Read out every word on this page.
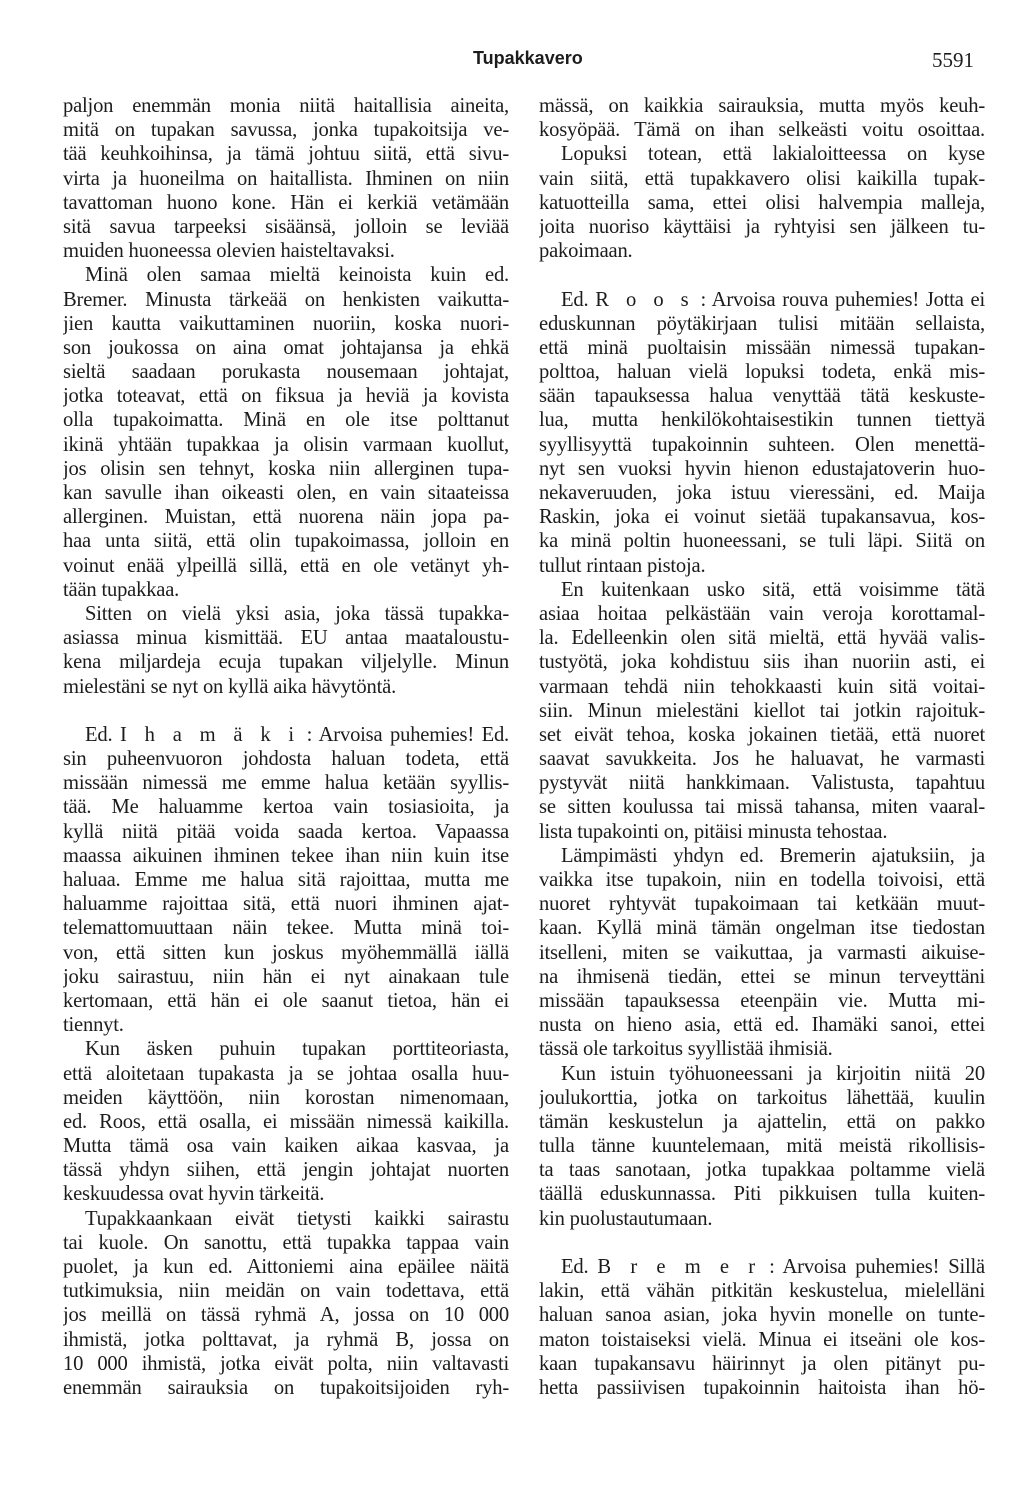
Tupakkavero	5591
paljon enemmän monia niitä haitallisia aineita,
mitä on tupakan savussa, jonka tupakoitsija ve-
tää keuhkoihinsa, ja tämä johtuu siitä, että sivu-
virta ja huoneilma on haitallista. Ihminen on niin
tavattoman huono kone. Hän ei kerkiä vetämään
sitä savua tarpeeksi sisäänsä, jolloin se leviää
muiden huoneessa olevien haisteltavaksi.
Minä olen samaa mieltä keinoista kuin ed.
Bremer. Minusta tärkeää on henkisten vaikutta-
jien kautta vaikuttaminen nuoriin, koska nuori-
son joukossa on aina omat johtajansa ja ehkä
sieltä saadaan porukasta nousemaan johtajat,
jotka toteavat, että on fiksua ja heviä ja kovista
olla tupakoimatta. Minä en ole itse polttanut
ikinä yhtään tupakkaa ja olisin varmaan kuollut,
jos olisin sen tehnyt, koska niin allerginen tupa-
kan savulle ihan oikeasti olen, en vain sitaateissa
allerginen. Muistan, että nuorena näin jopa pa-
haa unta siitä, että olin tupakoimassa, jolloin en
voinut enää ylpeillä sillä, että en ole vetänyt yh-
tään tupakkaa.
Sitten on vielä yksi asia, joka tässä tupakka-
asiassa minua kismittää. EU antaa maataloustu-
kena miljardeja ecuja tupakan viljelylle. Minun
mielestäni se nyt on kyllä aika hävytöntä.
Ed. I h a m ä k i : Arvoisa puhemies! Ed.
sin puheenvuoron johdosta haluan todeta, että
missään nimessä me emme halua ketään syyllis-
tää. Me haluamme kertoa vain tosiasioita, ja
kyllä niitä pitää voida saada kertoa. Vapaassa
maassa aikuinen ihminen tekee ihan niin kuin itse
haluaa. Emme me halua sitä rajoittaa, mutta me
haluamme rajoittaa sitä, että nuori ihminen ajat-
telemattomuuttaan näin tekee. Mutta minä toi-
von, että sitten kun joskus myöhemmällä iällä
joku sairastuu, niin hän ei nyt ainakaan tule
kertomaan, että hän ei ole saanut tietoa, hän ei
tiennyt.
Kun äsken puhuin tupakan porttiteoriasta,
että aloitetaan tupakasta ja se johtaa osalla huu-
meiden käyttöön, niin korostan nimenomaan,
ed. Roos, että osalla, ei missään nimessä kaikilla.
Mutta tämä osa vain kaiken aikaa kasvaa, ja
tässä yhdyn siihen, että jengin johtajat nuorten
keskuudessa ovat hyvin tärkeitä.
Tupakkaankaan eivät tietysti kaikki sairastu
tai kuole. On sanottu, että tupakka tappaa vain
puolet, ja kun ed. Aittoniemi aina epäilee näitä
tutkimuksia, niin meidän on vain todettava, että
jos meillä on tässä ryhmä A, jossa on 10 000
ihmistä, jotka polttavat, ja ryhmä B, jossa on
10 000 ihmistä, jotka eivät polta, niin valtavasti
enemmän sairauksia on tupakoitsijoiden ryh-
mässä, on kaikkia sairauksia, mutta myös keuh-
kosyöpää. Tämä on ihan selkeästi voitu osoittaa.
Lopuksi totean, että lakialoitteessa on kyse
vain siitä, että tupakkavero olisi kaikilla tupak-
katuotteilla sama, ettei olisi halvempia malleja,
joita nuoriso käyttäisi ja ryhtyisi sen jälkeen tu-
pakoimaan.
Ed. R o o s : Arvoisa rouva puhemies! Jotta ei
eduskunnan pöytäkirjaan tulisi mitään sellaista,
että minä puoltaisin missään nimessä tupakan-
polttoa, haluan vielä lopuksi todeta, enkä mis-
sään tapauksessa halua venyttää tätä keskuste-
lua, mutta henkilökohtaisestikin tunnen tiettyä
syyllisyyttä tupakoinnin suhteen. Olen menettä-
nyt sen vuoksi hyvin hienon edustajatoverin huo-
nekaveruuden, joka istuu vieressäni, ed. Maija
Raskin, joka ei voinut sietää tupakansavua, kos-
ka minä poltin huoneessani, se tuli läpi. Siitä on
tullut rintaan pistoja.
En kuitenkaan usko sitä, että voisimme tätä
asiaa hoitaa pelkästään vain veroja korottamal-
la. Edelleenkin olen sitä mieltä, että hyvää valis-
tustyötä, joka kohdistuu siis ihan nuoriin asti, ei
varmaan tehdä niin tehokkaasti kuin sitä voitai-
siin. Minun mielestäni kiellot tai jotkin rajoituk-
set eivät tehoa, koska jokainen tietää, että nuoret
saavat savukkeita. Jos he haluavat, he varmasti
pystyvät niitä hankkimaan. Valistusta, tapahtuu
se sitten koulussa tai missä tahansa, miten vaaral-
lista tupakointi on, pitäisi minusta tehostaa.
Lämpimästi yhdyn ed. Bremerin ajatuksiin, ja
vaikka itse tupakoin, niin en todella toivoisi, että
nuoret ryhtyvät tupakoimaan tai ketkään muut-
kaan. Kyllä minä tämän ongelman itse tiedostan
itselleni, miten se vaikuttaa, ja varmasti aikuise-
na ihmisenä tiedän, ettei se minun terveyttäni
missään tapauksessa eteenpäin vie. Mutta mi-
nusta on hieno asia, että ed. Ihamäki sanoi, ettei
tässä ole tarkoitus syyllistää ihmisiä.
Kun istuin työhuoneessani ja kirjoitin niitä 20
joulukorttia, jotka on tarkoitus lähettää, kuulin
tämän keskustelun ja ajattelin, että on pakko
tulla tänne kuuntelemaan, mitä meistä rikollisis-
ta taas sanotaan, jotka tupakkaa poltamme vielä
täällä eduskunnassa. Piti pikkuisen tulla kuiten-
kin puolustautumaan.
Ed. B r e m e r : Arvoisa puhemies! Sillä
lakin, että vähän pitkitän keskustelua, mielelläni
haluan sanoa asian, joka hyvin monelle on tunte-
maton toistaiseksi vielä. Minua ei itseäni ole kos-
kaan tupakansavu häirinnyt ja olen pitänyt pu-
hetta passiivisen tupakoinnin haitoista ihan hö-
